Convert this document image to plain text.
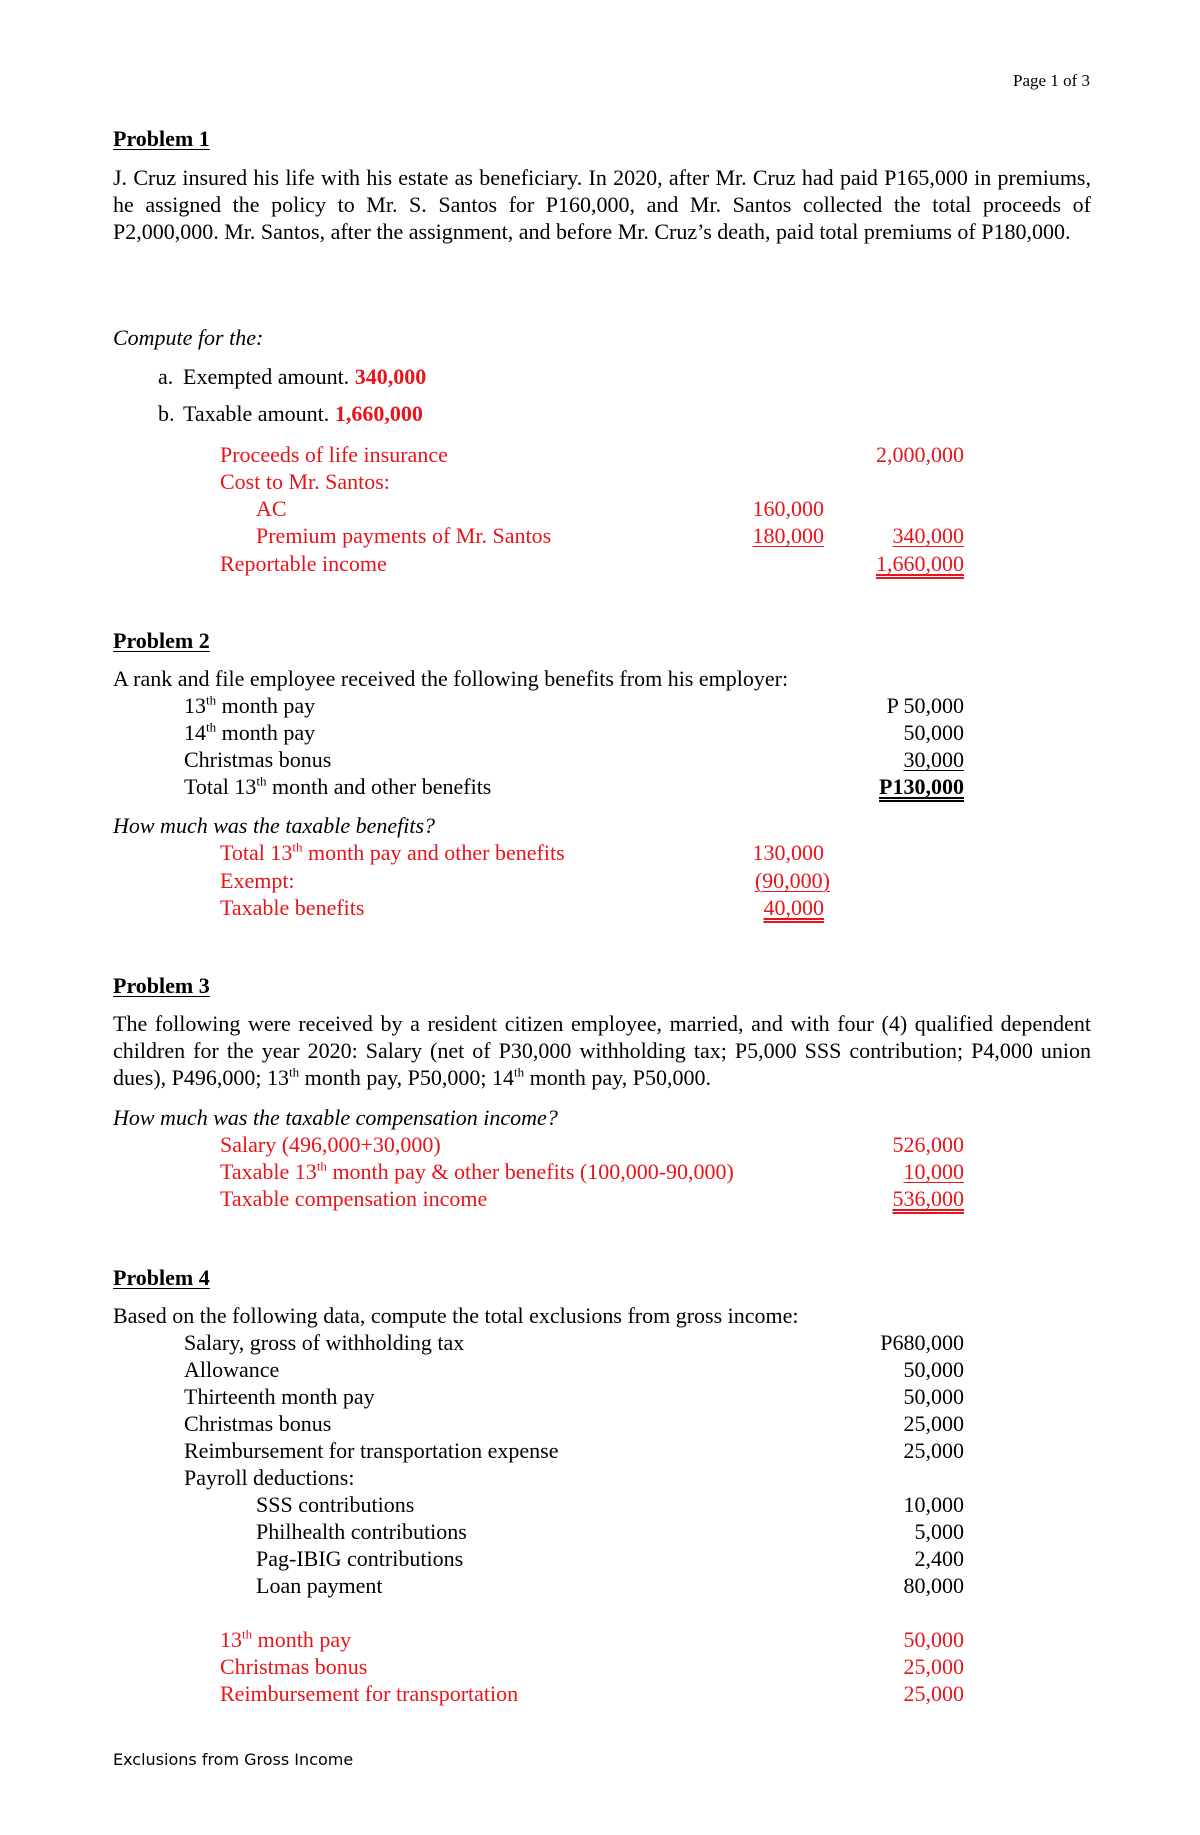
Page 1 of 3
Problem 1
J. Cruz insured his life with his estate as beneficiary. In 2020, after Mr. Cruz had paid P165,000 in premiums, he assigned the policy to Mr. S. Santos for P160,000, and Mr. Santos collected the total proceeds of P2,000,000. Mr. Santos, after the assignment, and before Mr. Cruz’s death, paid total premiums of P180,000.
Compute for the:
a. Exempted amount. 340,000
b. Taxable amount. 1,660,000
Proceeds of life insurance	2,000,000
Cost to Mr. Santos:
AC	160,000
Premium payments of Mr. Santos	180,000	340,000
Reportable income	1,660,000
Problem 2
A rank and file employee received the following benefits from his employer:
13th month pay	P 50,000
14th month pay	50,000
Christmas bonus	30,000
Total 13th month and other benefits	P130,000
How much was the taxable benefits?
Total 13th month pay and other benefits	130,000
Exempt:	(90,000)
Taxable benefits	40,000
Problem 3
The following were received by a resident citizen employee, married, and with four (4) qualified dependent children for the year 2020: Salary (net of P30,000 withholding tax; P5,000 SSS contribution; P4,000 union dues), P496,000; 13th month pay, P50,000; 14th month pay, P50,000.
How much was the taxable compensation income?
Salary (496,000+30,000)	526,000
Taxable 13th month pay & other benefits (100,000-90,000)	10,000
Taxable compensation income	536,000
Problem 4
Based on the following data, compute the total exclusions from gross income:
Salary, gross of withholding tax	P680,000
Allowance	50,000
Thirteenth month pay	50,000
Christmas bonus	25,000
Reimbursement for transportation expense	25,000
Payroll deductions:
SSS contributions	10,000
Philhealth contributions	5,000
Pag-IBIG contributions	2,400
Loan payment	80,000
13th month pay	50,000
Christmas bonus	25,000
Reimbursement for transportation	25,000
Exclusions from Gross Income
